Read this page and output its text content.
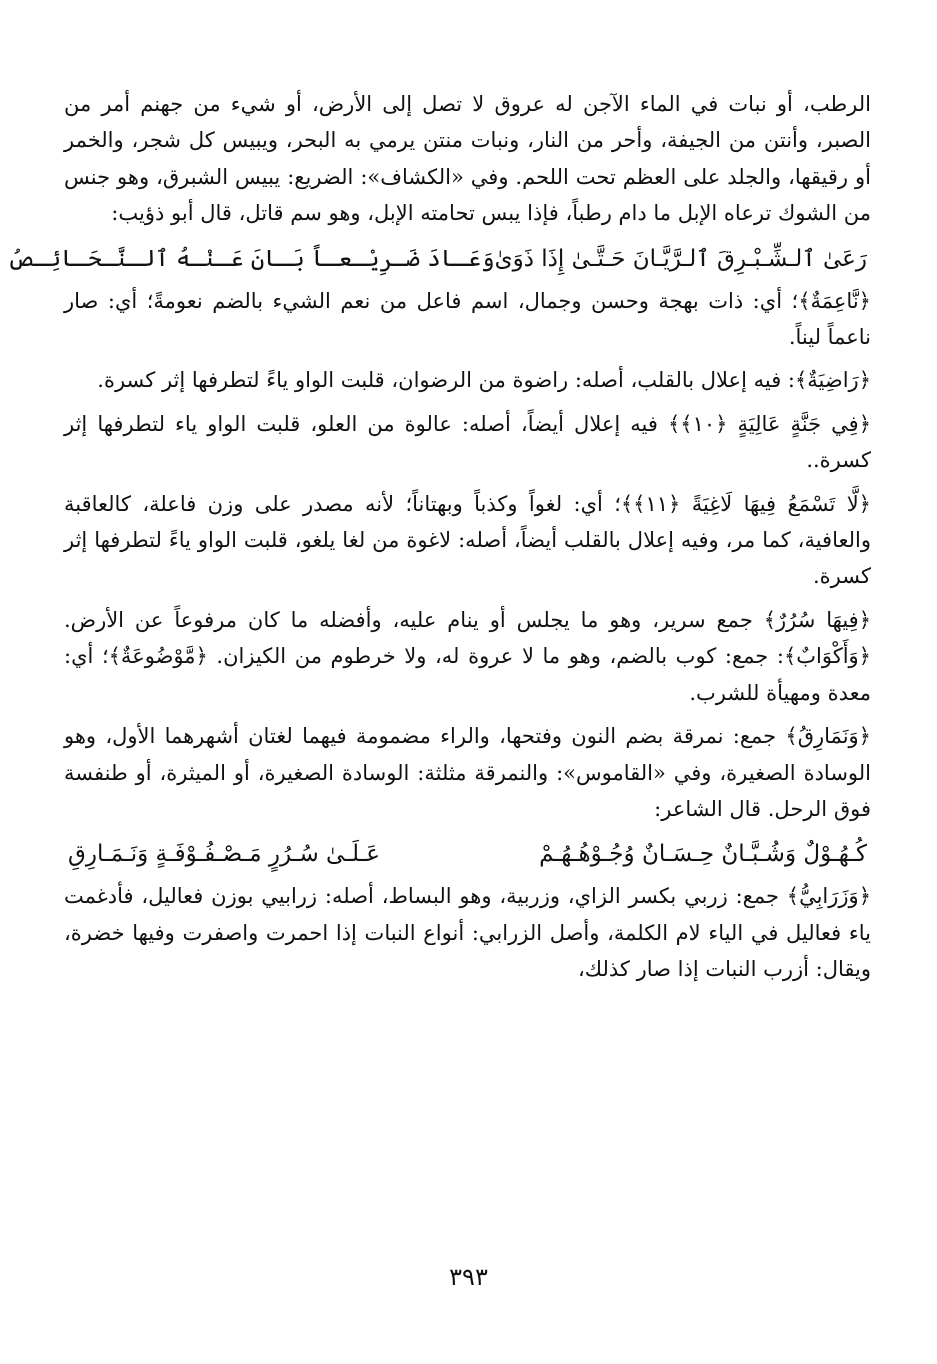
الرطب، أو نبات في الماء الآجن له عروق لا تصل إلى الأرض، أو شيء من جهنم أمر من الصبر، وأنتن من الجيفة، وأحر من النار، ونبات منتن يرمي به البحر، ويبيس كل شجر، والخمر أو رقيقها، والجلد على العظم تحت اللحم. وفي «الكشاف»: الضريع: يبيس الشبرق، وهو جنس من الشوك ترعاه الإبل ما دام رطباً، فإذا يبس تحامته الإبل، وهو سم قاتل، قال أبو ذؤيب:

رَعَىٰ ٱلـشِّـبْـرِقَ ٱلـرَّيَّـانَ حَـتَّـىٰ إِذَا ذَوَىٰ
وَعَـادَ ضَـرِيْـعـاً بَـانَ عَـنْـهُ ٱلـنَّـحَـائِـصُ

﴿نَّاعِمَةٌ﴾؛ أي: ذات بهجة وحسن وجمال، اسم فاعل من نعم الشيء بالضم نعومةً؛ أي: صار ناعماً ليناً.

﴿رَاضِيَةٌ﴾: فيه إعلال بالقلب، أصله: راضوة من الرضوان، قلبت الواو ياءً لتطرفها إثر كسرة.

﴿فِي جَنَّةٍ عَالِيَةٍ ﴿١٠﴾﴾ فيه إعلال أيضاً، أصله: عالوة من العلو، قلبت الواو ياء لتطرفها إثر كسرة..

﴿لَّا تَسْمَعُ فِيهَا لَاغِيَةً ﴿١١﴾﴾؛ أي: لغواً وكذباً وبهتاناً؛ لأنه مصدر على وزن فاعلة، كالعاقبة والعافية، كما مر، وفيه إعلال بالقلب أيضاً، أصله: لاغوة من لغا يلغو، قلبت الواو ياءً لتطرفها إثر كسرة.

﴿فِيهَا سُرُرٌ﴾ جمع سرير، وهو ما يجلس أو ينام عليه، وأفضله ما كان مرفوعاً عن الأرض. ﴿وَأَكْوَابٌ﴾: جمع: كوب بالضم، وهو ما لا عروة له، ولا خرطوم من الكيزان. ﴿مَّوْضُوعَةٌ﴾؛ أي: معدة ومهيأة للشرب.

﴿وَنَمَارِقُ﴾ جمع: نمرقة بضم النون وفتحها، والراء مضمومة فيهما لغتان أشهرهما الأول، وهو الوسادة الصغيرة، وفي «القاموس»: والنمرقة مثلثة: الوسادة الصغيرة، أو الميثرة، أو طنفسة فوق الرحل. قال الشاعر:

كُـهُـوْلٌ وَشُـبَّـانٌ حِـسَـانٌ وُجُـوْهُـهُـمْ
عَـلَـىٰ سُـرُرٍ مَـصْـفُـوْفَـةٍ وَنَـمَـارِقِ

﴿وَزَرَابِيُّ﴾ جمع: زربي بكسر الزاي، وزربية، وهو البساط، أصله: زرابيي بوزن فعاليل، فأدغمت ياء فعاليل في الياء لام الكلمة، وأصل الزرابي: أنواع النبات إذا احمرت واصفرت وفيها خضرة، ويقال: أزرب النبات إذا صار كذلك،

٣٩٣
